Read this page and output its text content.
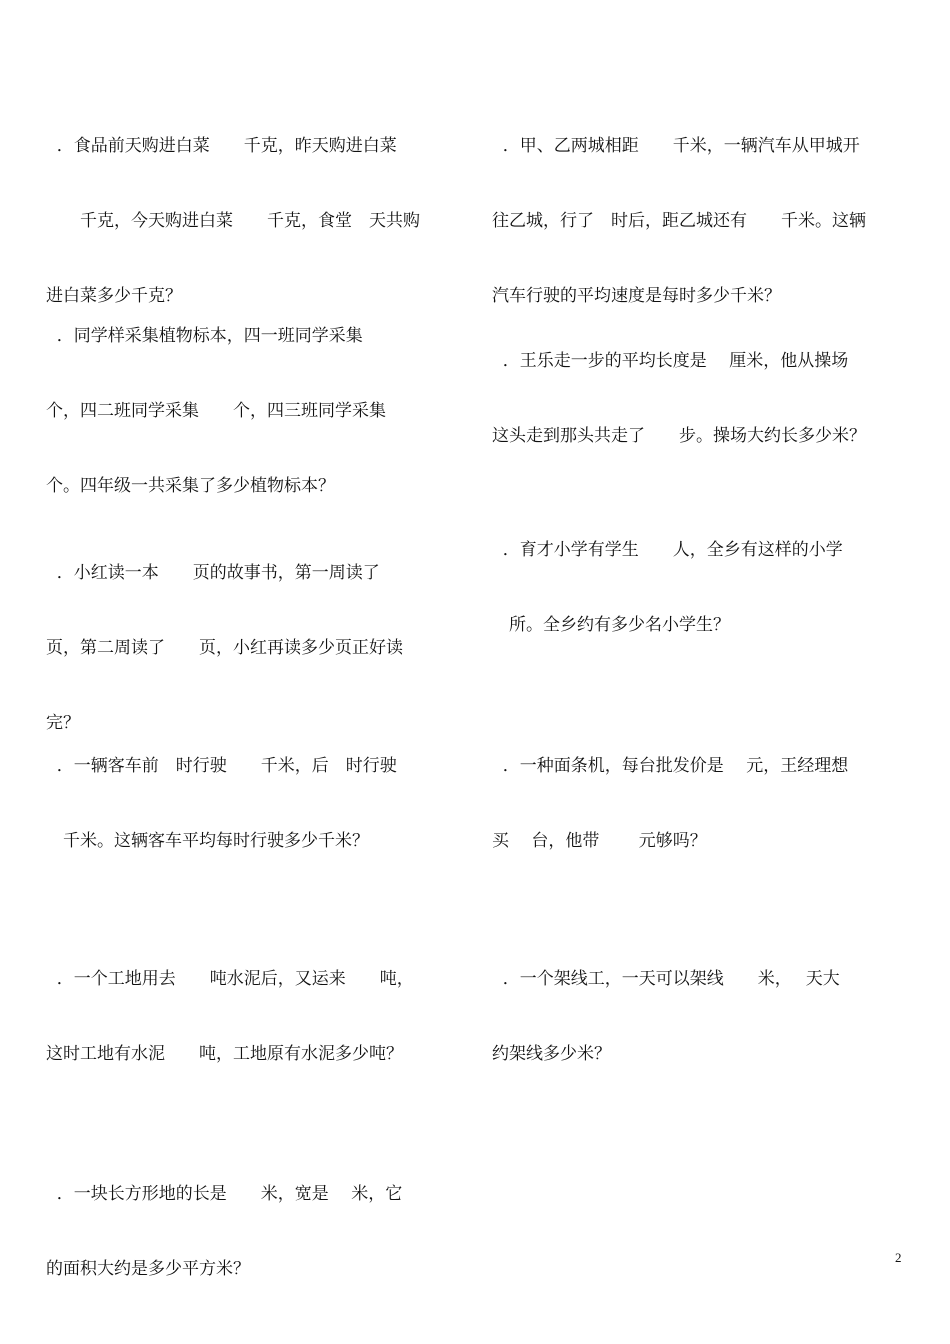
．食品前天购进白菜　　千克，昨天购进白菜

　　千克，今天购进白菜　　千克，食堂　天共购

进白菜多少千克？

．同学样采集植物标本，四一班同学采集

个，四二班同学采集　　个，四三班同学采集

个。四年级一共采集了多少植物标本？

．小红读一本　　页的故事书，第一周读了

页，第二周读了　　页，小红再读多少页正好读

完？

．一辆客车前　时行驶　　千米，后　时行驶

　千米。这辆客车平均每时行驶多少千米？

．一个工地用去　　吨水泥后，又运来　　吨，

这时工地有水泥　　吨，工地原有水泥多少吨？

．一块长方形地的长是　　米，宽是　 米，它

的面积大约是多少平方米？

．甲、乙两城相距　　千米，一辆汽车从甲城开

往乙城，行了　时后，距乙城还有　　千米。这辆

汽车行驶的平均速度是每时多少千米？

．王乐走一步的平均长度是　 厘米，他从操场

这头走到那头共走了　　步。操场大约长多少米？

．育才小学有学生　　人，全乡有这样的小学

　所。全乡约有多少名小学生？

．一种面条机，每台批发价是　 元，王经理想

买　 台，他带　　 元够吗？

．一个架线工，一天可以架线　　米，　 天大

约架线多少米？

2
